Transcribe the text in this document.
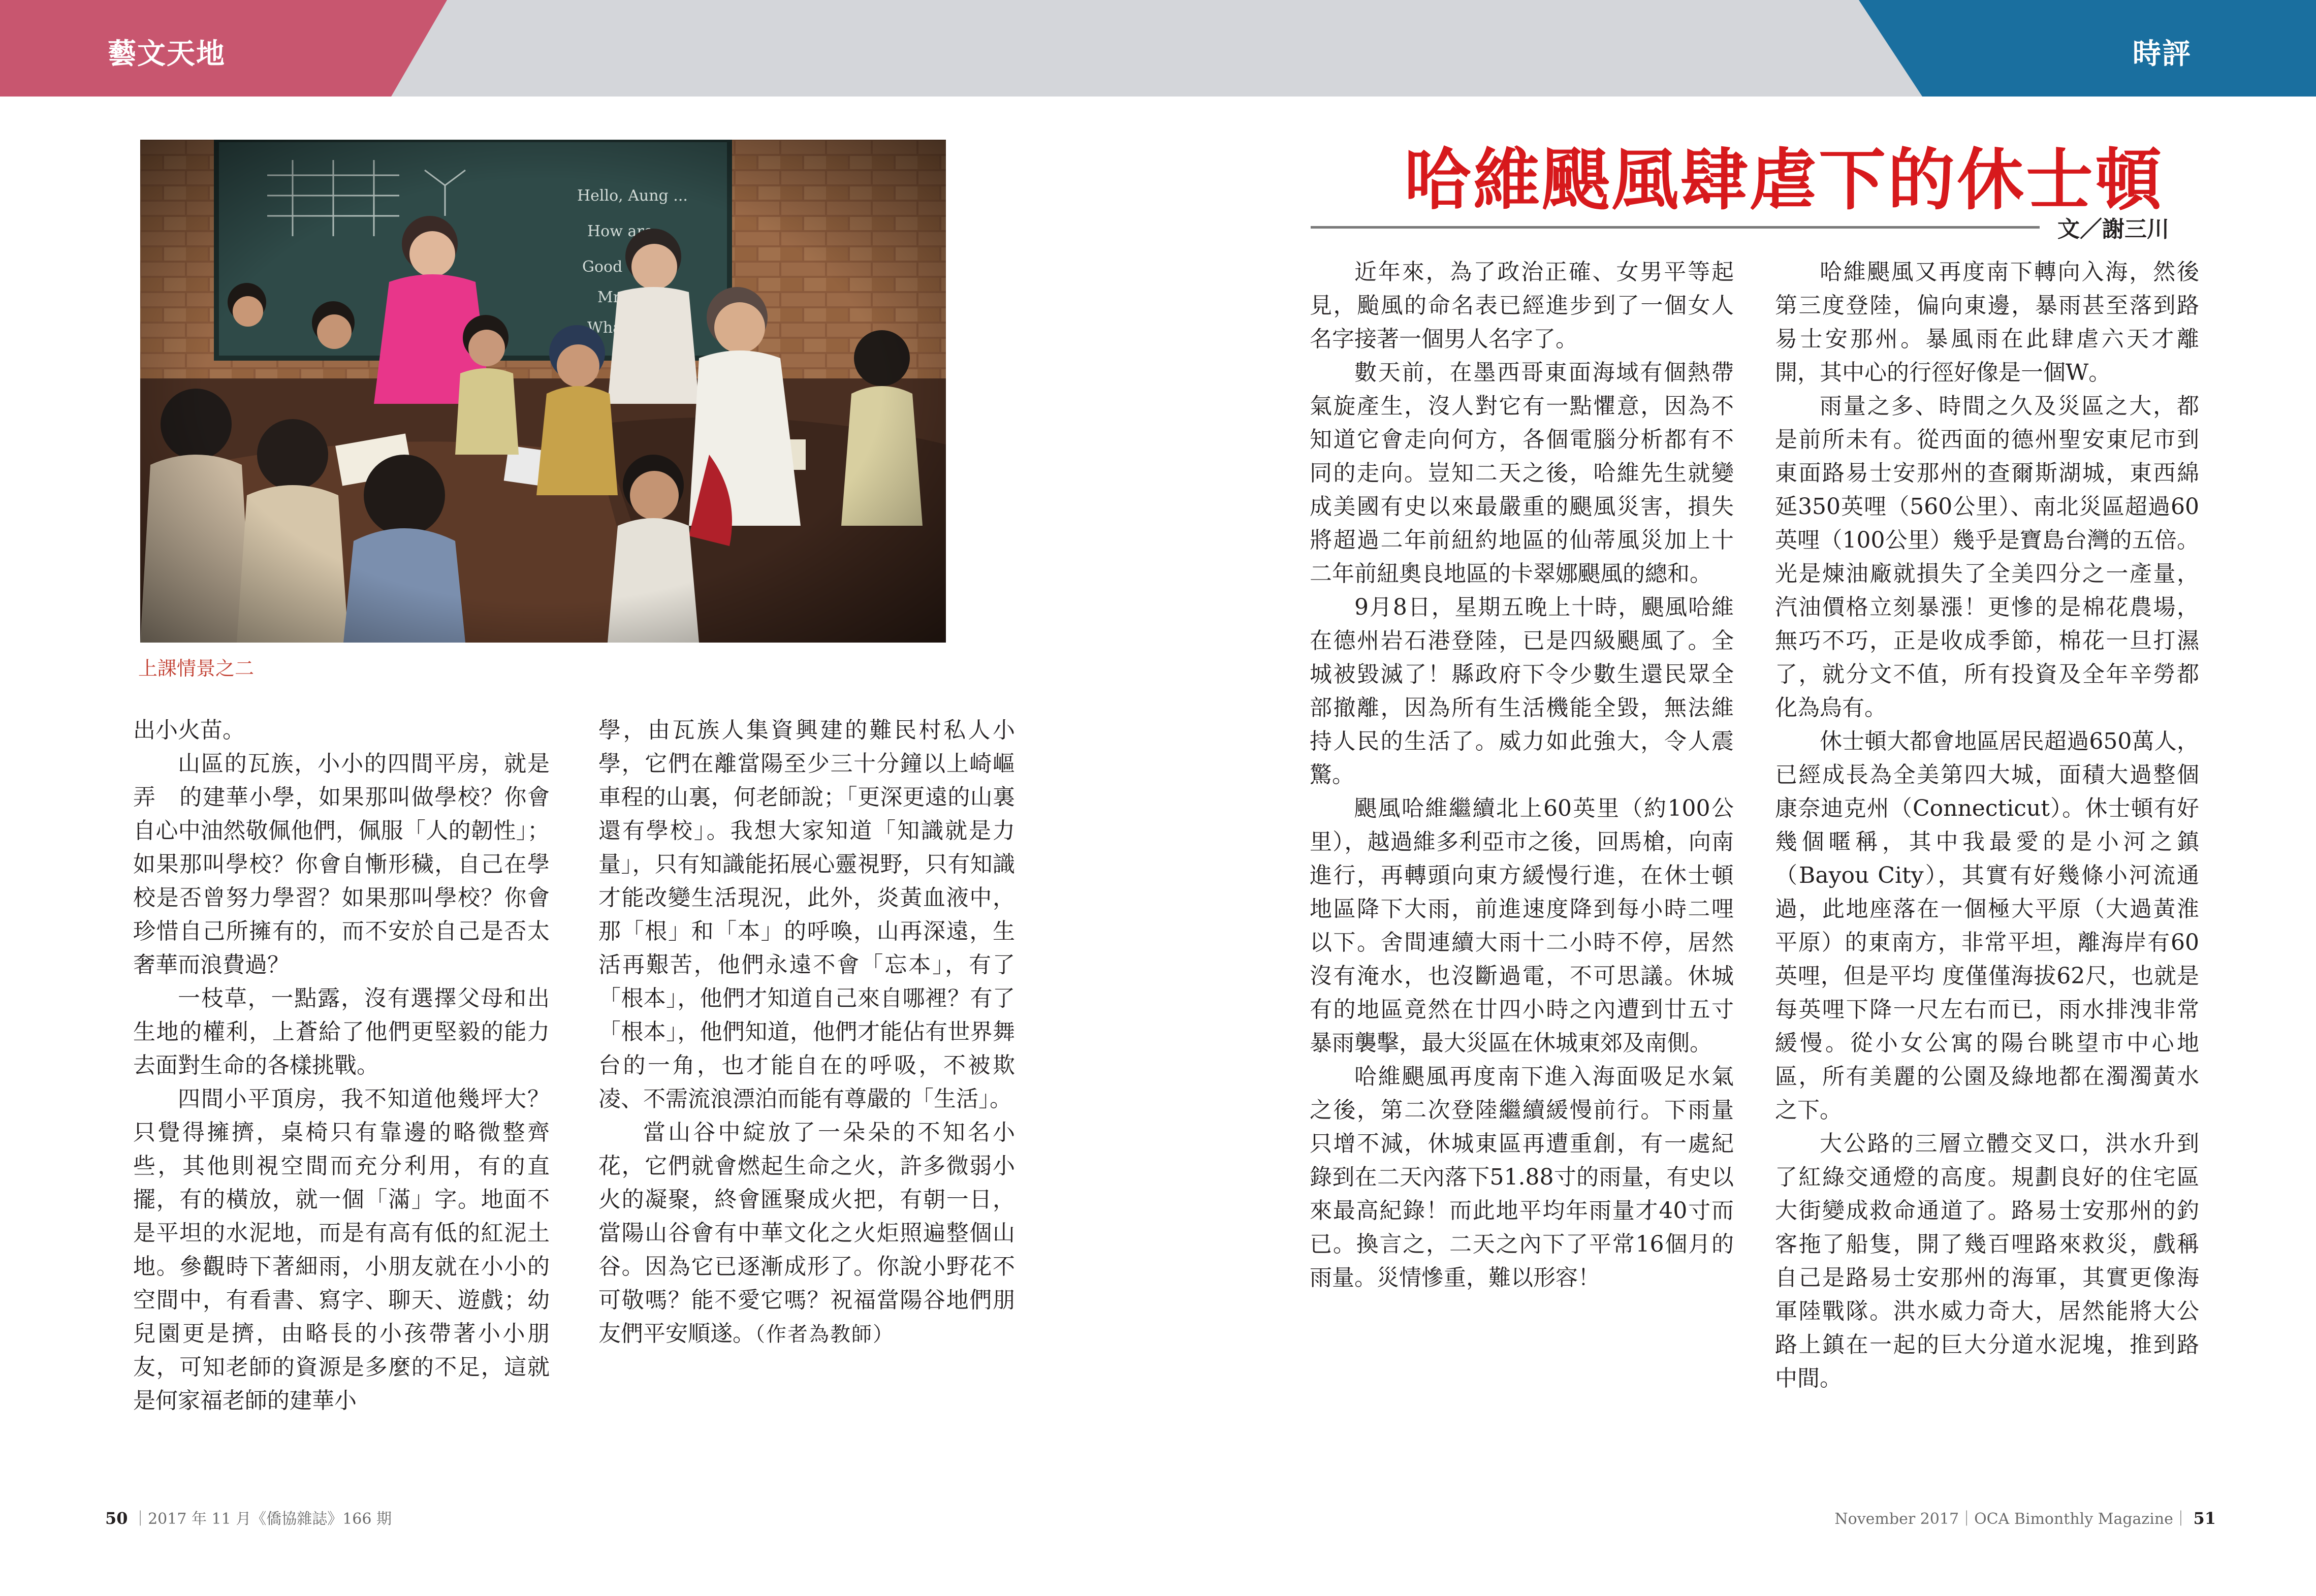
藝文天地	時評
上課情景之二

出小火苗。

山區的瓦族，小小的四間平房，就是弄　的建華小學，如果那叫做學校？你會自心中油然敬佩他們，佩服「人的韌性」；如果那叫學校？你會自慚形穢，自己在學校是否曾努力學習？如果那叫學校？你會珍惜自己所擁有的，而不安於自己是否太奢華而浪費過？

一枝草，一點露，沒有選擇父母和出生地的權利，上蒼給了他們更堅毅的能力去面對生命的各樣挑戰。

四間小平頂房，我不知道他幾坪大？只覺得擁擠，桌椅只有靠邊的略微整齊些，其他則視空間而充分利用，有的直擺，有的橫放，就一個「滿」字。地面不是平坦的水泥地，而是有高有低的紅泥土地。參觀時下著細雨，小朋友就在小小的空間中，有看書、寫字、聊天、遊戲；幼兒園更是擠，由略長的小孩帶著小小朋友，可知老師的資源是多麼的不足，這就是何家福老師的建華小

學，由瓦族人集資興建的難民村私人小學，它們在離當陽至少三十分鐘以上崎嶇車程的山裏，何老師說；「更深更遠的山裏還有學校」。我想大家知道「知識就是力量」，只有知識能拓展心靈視野，只有知識才能改變生活現況，此外，炎黃血液中，那「根」和「本」的呼喚，山再深遠，生活再艱苦，他們永遠不會「忘本」，有了「根本」，他們才知道自己來自哪裡？有了「根本」，他們知道，他們才能佔有世界舞台的一角，也才能自在的呼吸，不被欺凌、不需流浪漂泊而能有尊嚴的「生活」。

當山谷中綻放了一朵朵的不知名小花，它們就會燃起生命之火，許多微弱小火的凝聚，終會匯聚成火把，有朝一日，當陽山谷會有中華文化之火炬照遍整個山谷。因為它已逐漸成形了。你說小野花不可敬嗎？能不愛它嗎？祝福當陽谷地們朋友們平安順遂。（作者為教師）

哈維颶風肆虐下的休士頓
文／謝三川

近年來，為了政治正確、女男平等起見，颱風的命名表已經進步到了一個女人名字接著一個男人名字了。

數天前，在墨西哥東面海域有個熱帶氣旋產生，沒人對它有一點懼意，因為不知道它會走向何方，各個電腦分析都有不同的走向。豈知二天之後，哈維先生就變成美國有史以來最嚴重的颶風災害，損失將超過二年前紐約地區的仙蒂風災加上十二年前紐奧良地區的卡翠娜颶風的總和。

9月8日，星期五晚上十時，颶風哈維在德州岩石港登陸，已是四級颶風了。全城被毀滅了！縣政府下令少數生還民眾全部撤離，因為所有生活機能全毀，無法維持人民的生活了。威力如此強大，令人震驚。

颶風哈維繼續北上60英里（約100公里），越過維多利亞市之後，回馬槍，向南進行，再轉頭向東方緩慢行進，在休士頓地區降下大雨，前進速度降到每小時二哩以下。舍間連續大雨十二小時不停，居然沒有淹水，也沒斷過電，不可思議。休城有的地區竟然在廿四小時之內遭到廿五寸暴雨襲擊，最大災區在休城東郊及南側。

哈維颶風再度南下進入海面吸足水氣之後，第二次登陸繼續緩慢前行。下雨量只增不減，休城東區再遭重創，有一處紀錄到在二天內落下51.88寸的雨量，有史以來最高紀錄！而此地平均年雨量才40寸而已。換言之，二天之內下了平常16個月的雨量。災情慘重，難以形容！

哈維颶風又再度南下轉向入海，然後第三度登陸，偏向東邊，暴雨甚至落到路易士安那州。暴風雨在此肆虐六天才離開，其中心的行徑好像是一個W。

雨量之多、時間之久及災區之大，都是前所未有。從西面的德州聖安東尼市到東面路易士安那州的查爾斯湖城，東西綿延350英哩（560公里）、南北災區超過60英哩（100公里）幾乎是寶島台灣的五倍。光是煉油廠就損失了全美四分之一產量，汽油價格立刻暴漲！更慘的是棉花農場，無巧不巧，正是收成季節，棉花一旦打濕了，就分文不值，所有投資及全年辛勞都化為烏有。

休士頓大都會地區居民超過650萬人，已經成長為全美第四大城，面積大過整個康奈迪克州（Connecticut）。休士頓有好幾個暱稱，其中我最愛的是小河之鎮（Bayou City），其實有好幾條小河流通過，此地座落在一個極大平原（大過黃淮平原）的東南方，非常平坦，離海岸有60英哩，但是平均 度僅僅海拔62尺，也就是每英哩下降一尺左右而已，雨水排洩非常緩慢。從小女公寓的陽台眺望市中心地區，所有美麗的公園及綠地都在濁濁黃水之下。

大公路的三層立體交叉口，洪水升到了紅綠交通燈的高度。規劃良好的住宅區大街變成救命通道了。路易士安那州的釣客拖了船隻，開了幾百哩路來救災，戲稱自己是路易士安那州的海軍，其實更像海軍陸戰隊。洪水威力奇大，居然能將大公路上鎮在一起的巨大分道水泥塊，推到路中間。

50 ｜2017 年 11 月《僑協雜誌》166 期	November 2017｜OCA Bimonthly Magazine｜ 51
